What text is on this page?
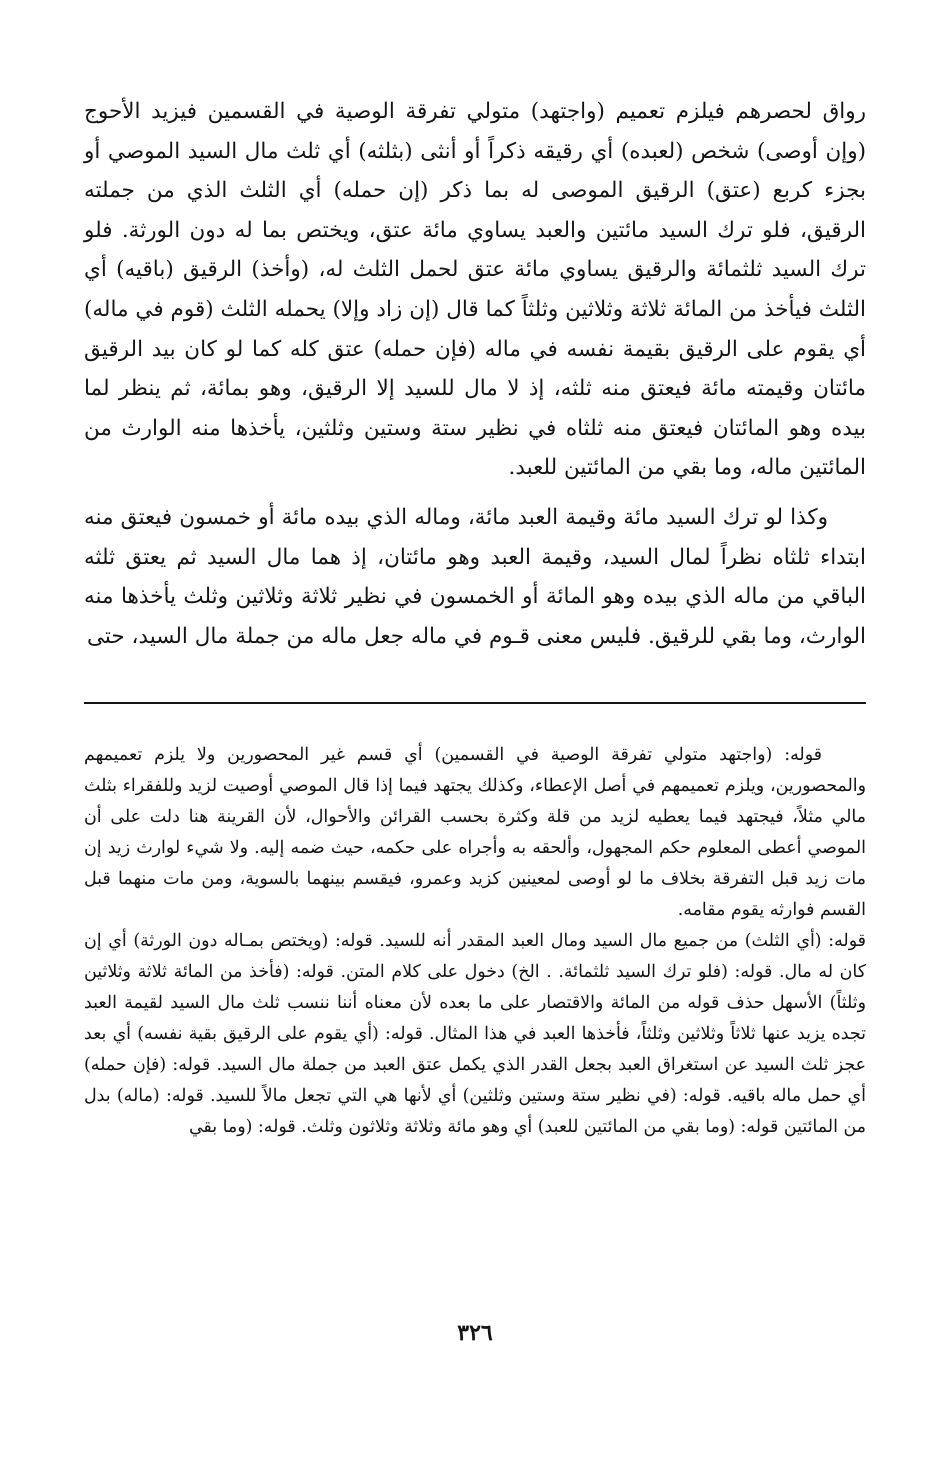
رواق لحصرهم فيلزم تعميم (واجتهد) متولي تفرقة الوصية في القسمين فيزيد الأحوج (وإن أوصى) شخص (لعبده) أي رقيقه ذكراً أو أنثى (بثلثه) أي ثلث مال السيد الموصي أو بجزء كربع (عتق) الرقيق الموصى له بما ذكر (إن حمله) أي الثلث الذي من جملته الرقيق، فلو ترك السيد مائتين والعبد يساوي مائة عتق، ويختص بما له دون الورثة. فلو ترك السيد ثلثمائة والرقيق يساوي مائة عتق لحمل الثلث له، (وأخذ) الرقيق (باقيه) أي الثلث فيأخذ من المائة ثلاثة وثلاثين وثلثاً كما قال (إن زاد وإلا) يحمله الثلث (قوم في ماله) أي يقوم على الرقيق بقيمة نفسه في ماله (فإن حمله) عتق كله كما لو كان بيد الرقيق مائتان وقيمته مائة فيعتق منه ثلثه، إذ لا مال للسيد إلا الرقيق، وهو بمائة، ثم ينظر لما بيده وهو المائتان فيعتق منه ثلثاه في نظير ستة وستين وثلثين، يأخذها منه الوارث من المائتين ماله، وما بقي من المائتين للعبد.

وكذا لو ترك السيد مائة وقيمة العبد مائة، وماله الذي بيده مائة أو خمسون فيعتق منه ابتداء ثلثاه نظراً لمال السيد، وقيمة العبد وهو مائتان، إذ هما مال السيد ثم يعتق ثلثه الباقي من ماله الذي بيده وهو المائة أو الخمسون في نظير ثلاثة وثلاثين وثلث يأخذها منه الوارث، وما بقي للرقيق. فليس معنى قـوم في ماله جعل ماله من جملة مال السيد، حتى

قوله: (واجتهد متولي تفرقة الوصية في القسمين) أي قسم غير المحصورين ولا يلزم تعميمهم والمحصورين، ويلزم تعميمهم في أصل الإعطاء، وكذلك يجتهد فيما إذا قال الموصي أوصيت لزيد وللفقراء بثلث مالي مثلاً، فيجتهد فيما يعطيه لزيد من قلة وكثرة بحسب القرائن والأحوال، لأن القرينة هنا دلت على أن الموصي أعطى المعلوم حكم المجهول، وألحقه به وأجراه على حكمه، حيث ضمه إليه. ولا شيء لوارث زيد إن مات زيد قبل التفرقة بخلاف ما لو أوصى لمعينين كزيد وعمرو، فيقسم بينهما بالسوية، ومن مات منهما قبل القسم فوارثه يقوم مقامه.

قوله: (أي الثلث) من جميع مال السيد ومال العبد المقدر أنه للسيد. قوله: (ويختص بمـاله دون الورثة) أي إن كان له مال. قوله: (فلو ترك السيد ثلثمائة. . الخ) دخول على كلام المتن. قوله: (فأخذ من المائة ثلاثة وثلاثين وثلثاً) الأسهل حذف قوله من المائة والاقتصار على ما بعده لأن معناه أننا ننسب ثلث مال السيد لقيمة العبد تجده يزيد عنها ثلاثاً وثلاثين وثلثاً، فأخذها العبد في هذا المثال. قوله: (أي يقوم على الرقيق بقية نفسه) أي بعد عجز ثلث السيد عن استغراق العبد بجعل القدر الذي يكمل عتق العبد من جملة مال السيد. قوله: (فإن حمله) أي حمل ماله باقيه. قوله: (في نظير ستة وستين وثلثين) أي لأنها هي التي تجعل مالاً للسيد. قوله: (ماله) بدل من المائتين قوله: (وما بقي من المائتين للعبد) أي وهو مائة وثلاثة وثلاثون وثلث. قوله: (وما بقي

٣٢٦
